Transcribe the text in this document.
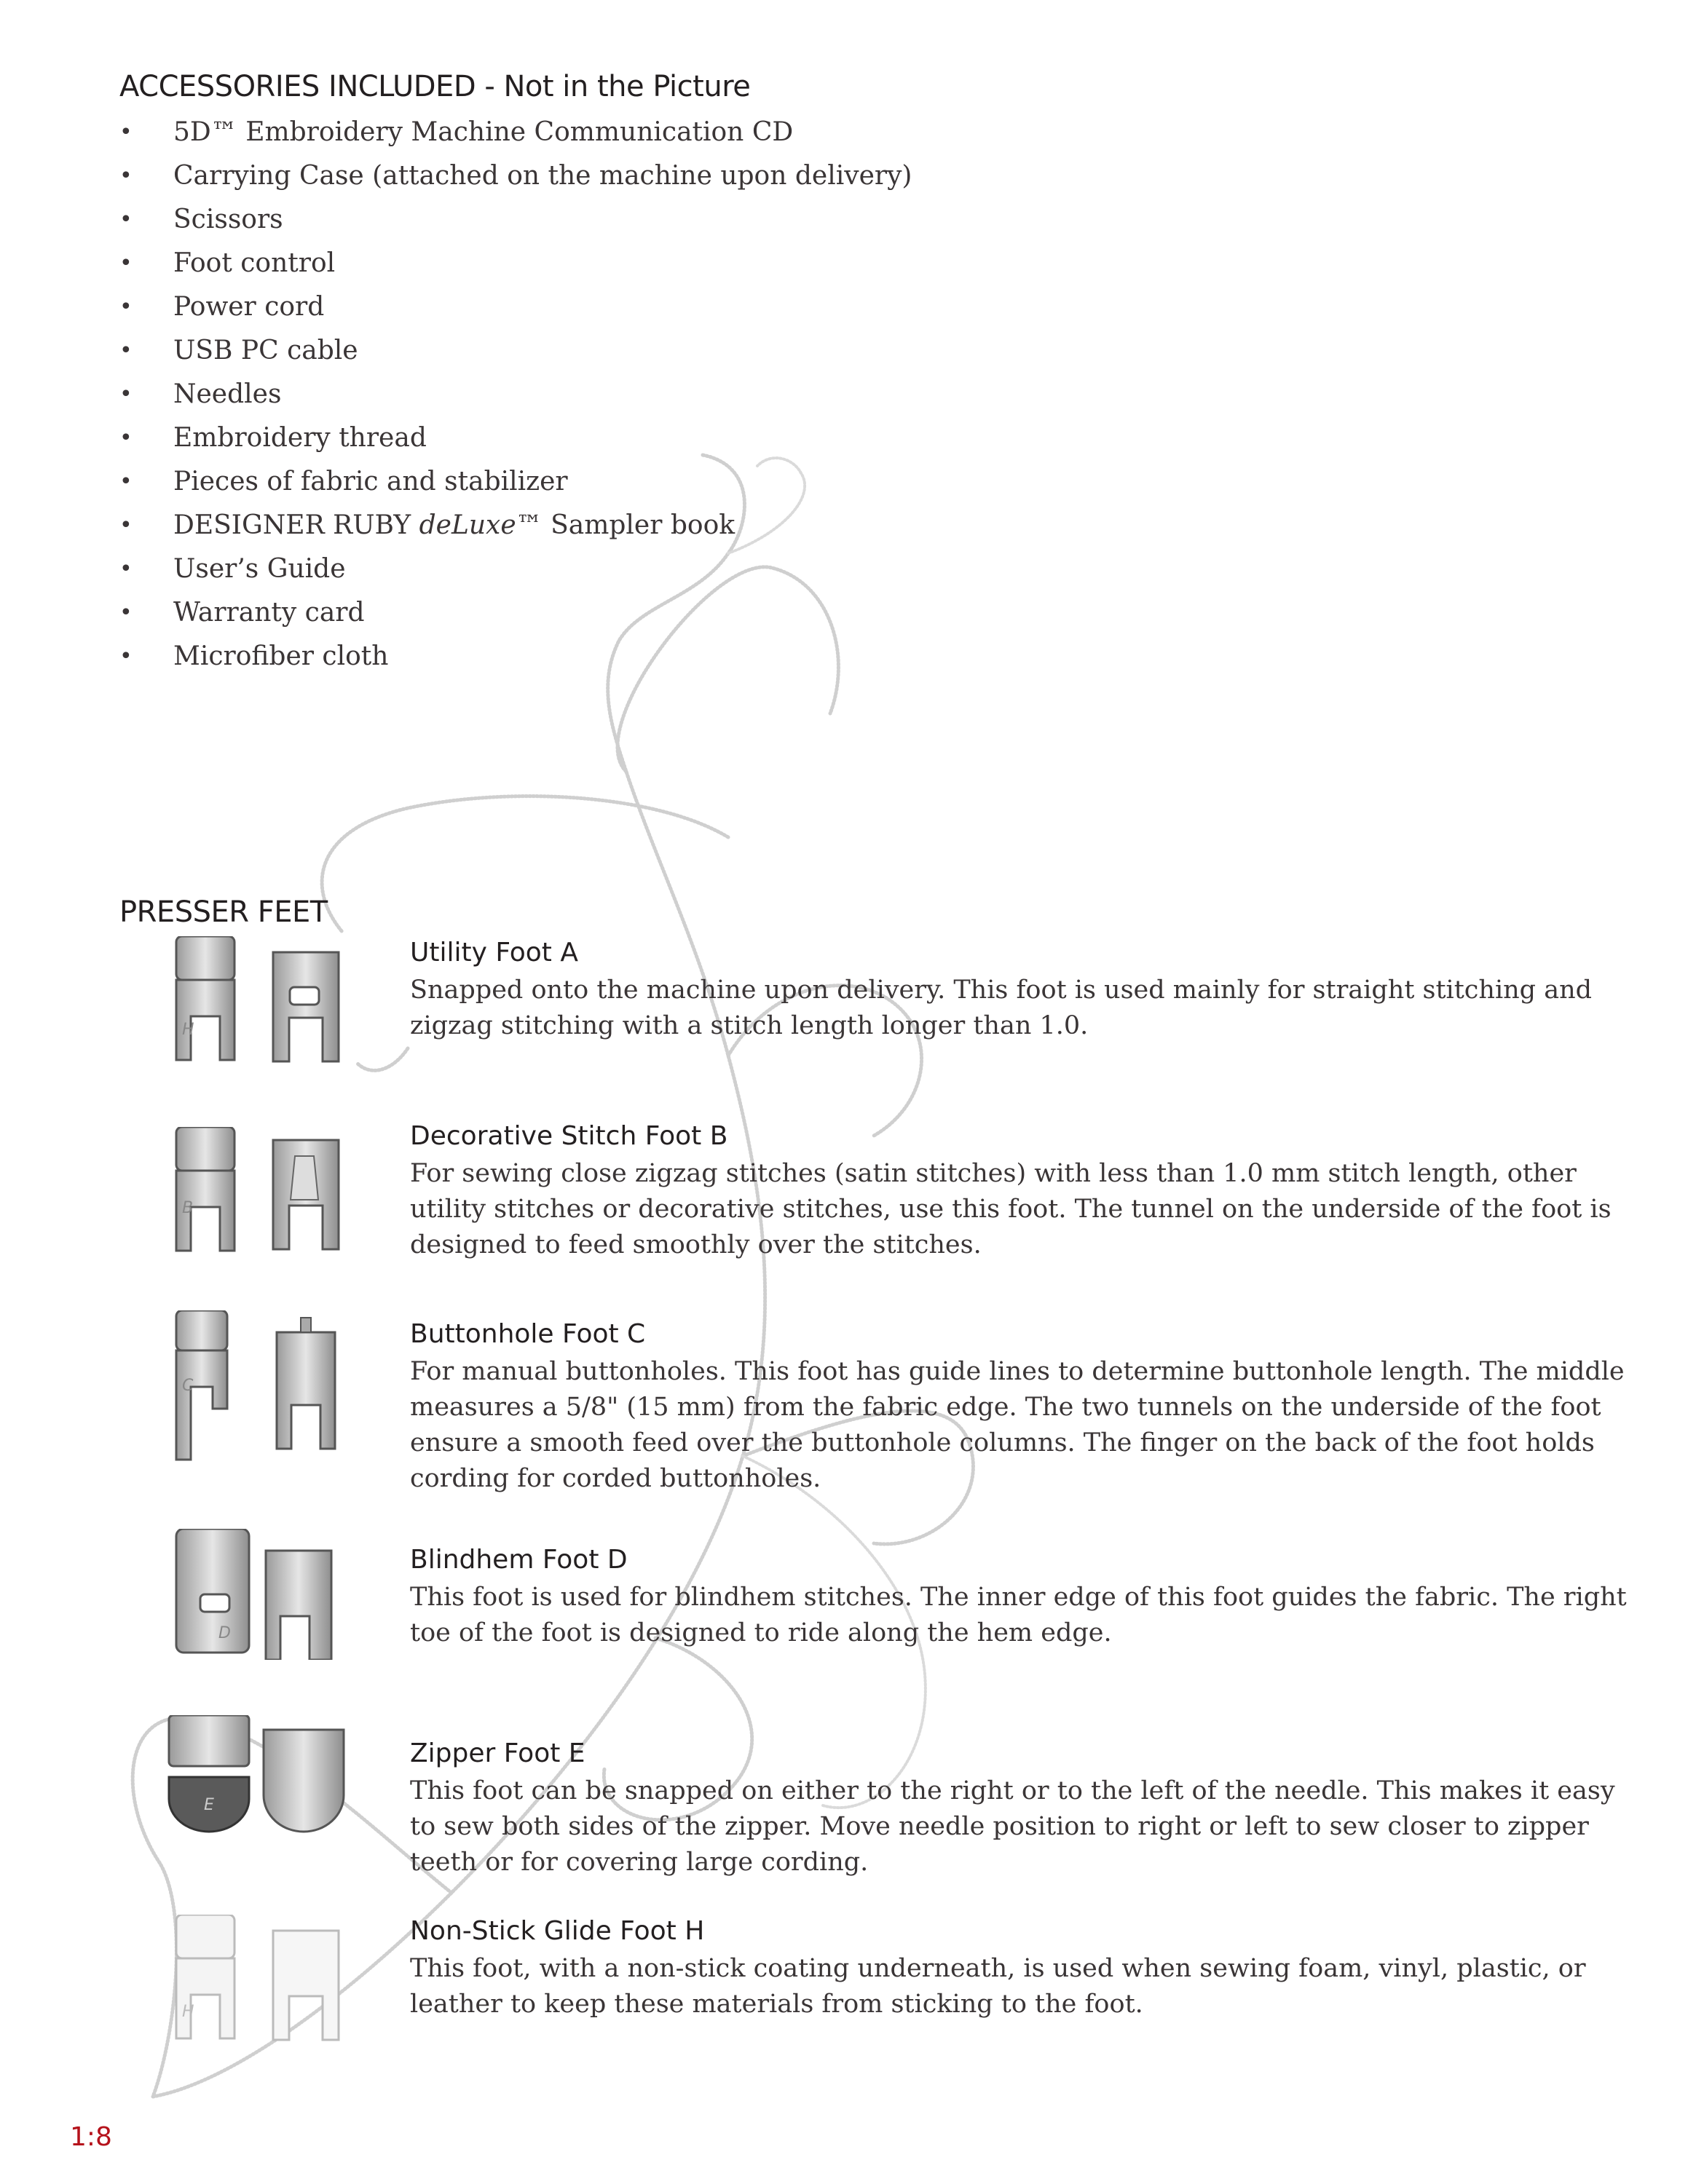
ACCESSORIES INCLUDED - Not in the Picture
• 5D™ Embroidery Machine Communication CD
• Carrying Case (attached on the machine upon delivery)
• Scissors
• Foot control
• Power cord
• USB PC cable
• Needles
• Embroidery thread
• Pieces of fabric and stabilizer
• DESIGNER RUBY deLuxe™ Sampler book
• User’s Guide
• Warranty card
• Microfiber cloth
PRESSER FEET
H
Utility Foot A
Snapped onto the machine upon delivery. This foot is used mainly for straight stitching and zigzag stitching with a stitch length longer than 1.0.
B
Decorative Stitch Foot B
For sewing close zigzag stitches (satin stitches) with less than 1.0 mm stitch length, other utility stitches or decorative stitches, use this foot. The tunnel on the underside of the foot is designed to feed smoothly over the stitches.
C
Buttonhole Foot C
For manual buttonholes. This foot has guide lines to determine buttonhole length. The middle measures a 5/8" (15 mm) from the fabric edge. The two tunnels on the underside of the foot ensure a smooth feed over the buttonhole columns. The finger on the back of the foot holds cording for corded buttonholes.
D
Blindhem Foot D
This foot is used for blindhem stitches. The inner edge of this foot guides the fabric. The right toe of the foot is designed to ride along the hem edge.
E
Zipper Foot E
This foot can be snapped on either to the right or to the left of the needle. This makes it easy to sew both sides of the zipper. Move needle position to right or left to sew closer to zipper teeth or for covering large cording.
H
Non-Stick Glide Foot H
This foot, with a non-stick coating underneath, is used when sewing foam, vinyl, plastic, or leather to keep these materials from sticking to the foot.
1:8
